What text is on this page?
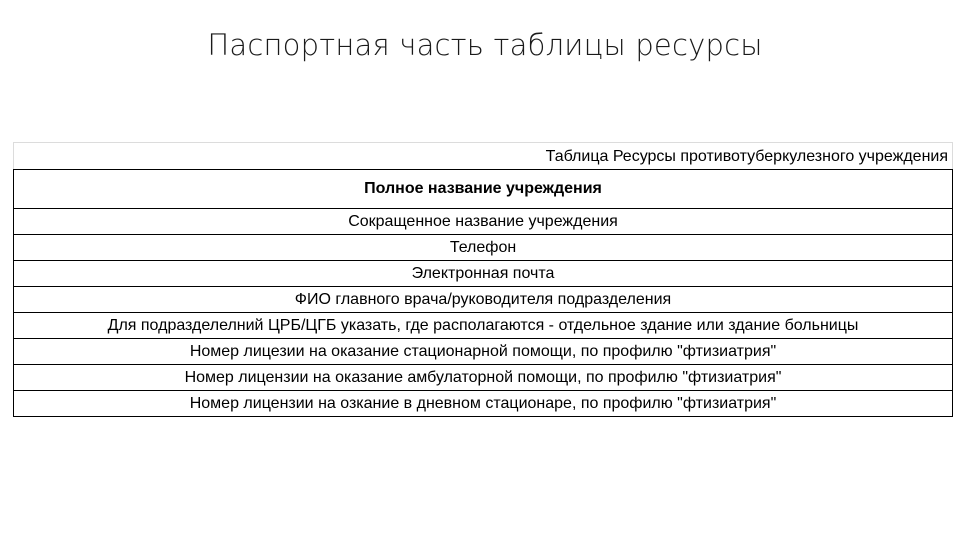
Паспортная часть таблицы ресурсы
Таблица Ресурсы противотуберкулезного учреждения
Полное название учреждения
Сокращенное название учреждения
Телефон
Электронная почта
ФИО главного врача/руководителя подразделения
Для подразделелний ЦРБ/ЦГБ указать, где располагаются - отдельное здание или здание больницы
Номер лицезии на оказание стационарной помощи, по профилю "фтизиатрия"
Номер лицензии на оказание амбулаторной помощи, по профилю "фтизиатрия"
Номер лицензии на озкание в дневном стационаре, по профилю "фтизиатрия"
